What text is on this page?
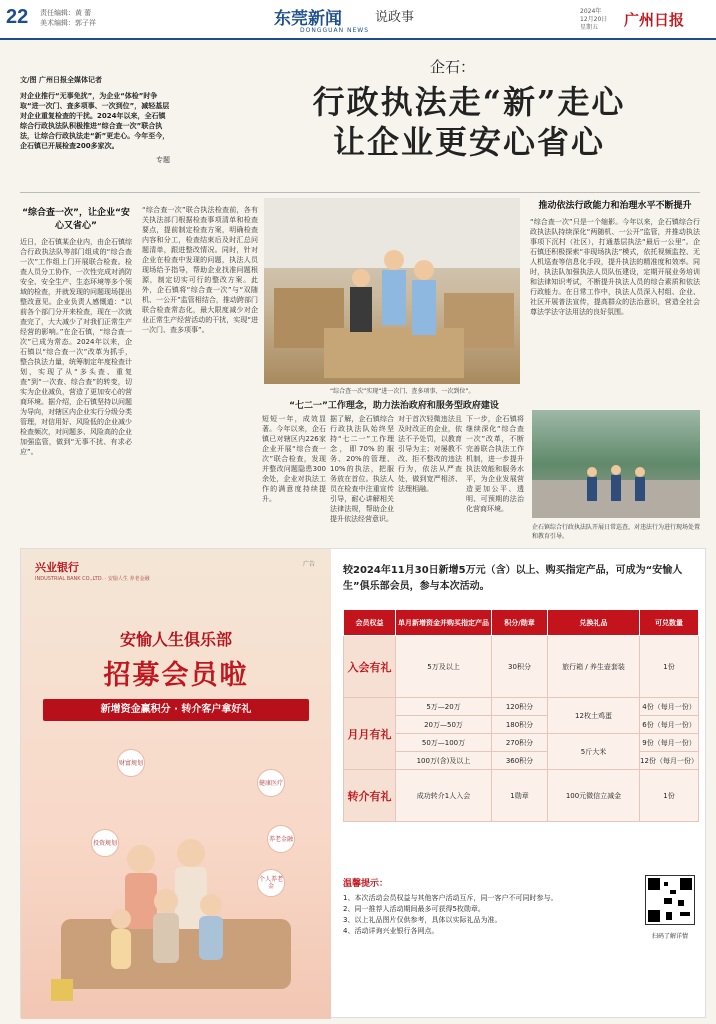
22 责任编辑：黄 蕾
美术编辑：郭子祥	东莞新闻	说政事
DONGGUAN NEWS
2024年
12月20日
星期五	广州日报
文/图 广州日报全媒体记者
对企业推行“无事免扰”，为企业“体检”时争取“进一次门、查多项事、一次到位”，减轻基层对企业重复检查的干扰。2024年以来，全石镇综合行政执法队积极推进“综合查一次”联合执法，让综合行政执法走“新”更走心。今年至今，企石镇已开展检查200多家次。
专题
企石：
行政执法走“新”走心
让企业更安心省心
“综合查一次”，让企业“安心又省心”
近日，企石镇某企业内，由企石镇综合行政执法队等部门组成的“综合查一次”工作组上门开展联合检查。检查人员分工协作，一次性完成对消防安全、安全生产、生态环境等多个领域的检查，并就发现的问题现场提出整改意见。企业负责人感慨道：“以前各个部门分开来检查，现在一次就查完了，大大减少了对我们正常生产经营的影响。”在企石镇，“综合查一次”已成为常态。2024年以来，企石镇以“综合查一次”改革为抓手，整合执法力量，统筹制定年度检查计划，实现了从“多头查、重复查”到“一次查、综合查”的转变，切实为企业减负，营造了更加安心的营商环境。据介绍，企石镇坚持以问题为导向，对辖区内企业实行分级分类管理，对信用好、风险低的企业减少检查频次，对问题多、风险高的企业加强监管，做到“无事不扰、有求必应”。
“综合查一次”联合执法检查前，各有关执法部门根据检查事项清单和检查要点，提前制定检查方案，明确检查内容和分工，检查结束后及时汇总问题清单，跟进整改情况。同时，针对企业在检查中发现的问题，执法人员现场给予指导，帮助企业找准问题根源，制定切实可行的整改方案。此外，企石镇将“综合查一次”与“双随机、一公开”监管相结合，推动跨部门联合检查常态化，最大限度减少对企业正常生产经营活动的干扰，实现“进一次门、查多项事”。
“综合查一次”实现“进一次门、查多项事、一次到位”。
“七二一”工作理念，助力法治政府和服务型政府建设
短短一年，成效显著。今年以来，企石镇已对辖区内226家企业开展“综合查一次”联合检查，发现并整改问题隐患300余处，企业对执法工作的满意度持续提升。
据了解，企石镇综合行政执法队始终坚持“七二一”工作理念，即70%的服务、20%的管理、10%的执法，把服务放在首位。执法人员在检查中注重宣传引导，耐心讲解相关法律法规，帮助企业提升依法经营意识。
对于首次轻微违法且及时改正的企业，依法不予处罚，以教育引导为主；对屡教不改、拒不整改的违法行为，依法从严查处，做到宽严相济、法理相融。
下一步，企石镇将继续深化“综合查一次”改革，不断完善联合执法工作机制，进一步提升执法效能和服务水平，为企业发展营造更加公平、透明、可预期的法治化营商环境。
推动依法行政能力和治理水平不断提升
“综合查一次”只是一个缩影。今年以来，企石镇综合行政执法队持续深化“两随机、一公开”监管，并推动执法事项下沉村（社区），打通基层执法“最后一公里”。企石镇还积极探索“非现场执法”模式，依托视频监控、无人机巡查等信息化手段，提升执法的精准度和效率。同时，执法队加强执法人员队伍建设，定期开展业务培训和法律知识考试，不断提升执法人员的综合素质和依法行政能力。在日常工作中，执法人员深入村组、企业、社区开展普法宣传，提高群众的法治意识，营造全社会尊法学法守法用法的良好氛围。
企石镇综合行政执法队开展日常巡查，对违法行为进行现场处置和教育引导。
兴业银行
INDUSTRIAL BANK CO.,LTD. · 安愉人生 养老金融
广告
安愉人生俱乐部
招募会员啦
新增资金赢积分 · 转介客户拿好礼
财富规划
健康医疗
投资规划
养老金融
个人养老金
较2024年11月30日新增5万元（含）以上、购买指定产品，可成为“安愉人生”俱乐部会员，参与本次活动。
会员权益	单月新增资金并购买指定产品	积分/勋章	兑换礼品	可兑数量
入会有礼	5万及以上	30积分	旅行箱 / 养生壶套装	1份
月月有礼	5万—20万	120积分	12枚土鸡蛋	4份（每月一份）
	20万—50万	180积分		6份（每月一份）
	50万—100万	270积分	5斤大米	9份（每月一份）
	100万(含)及以上	360积分		12份（每月一份）
转介有礼	成功转介1人入会	1勋章	100元微信立减金	1份
温馨提示：
1、本次活动会员权益与其他客户活动互斥，同一客户不可同时参与。
2、同一推荐人活动期间最多可获得5枚勋章。
3、以上礼品图片仅供参考，具体以实际礼品为准。
4、活动详询兴业银行各网点。
扫码了解详情
